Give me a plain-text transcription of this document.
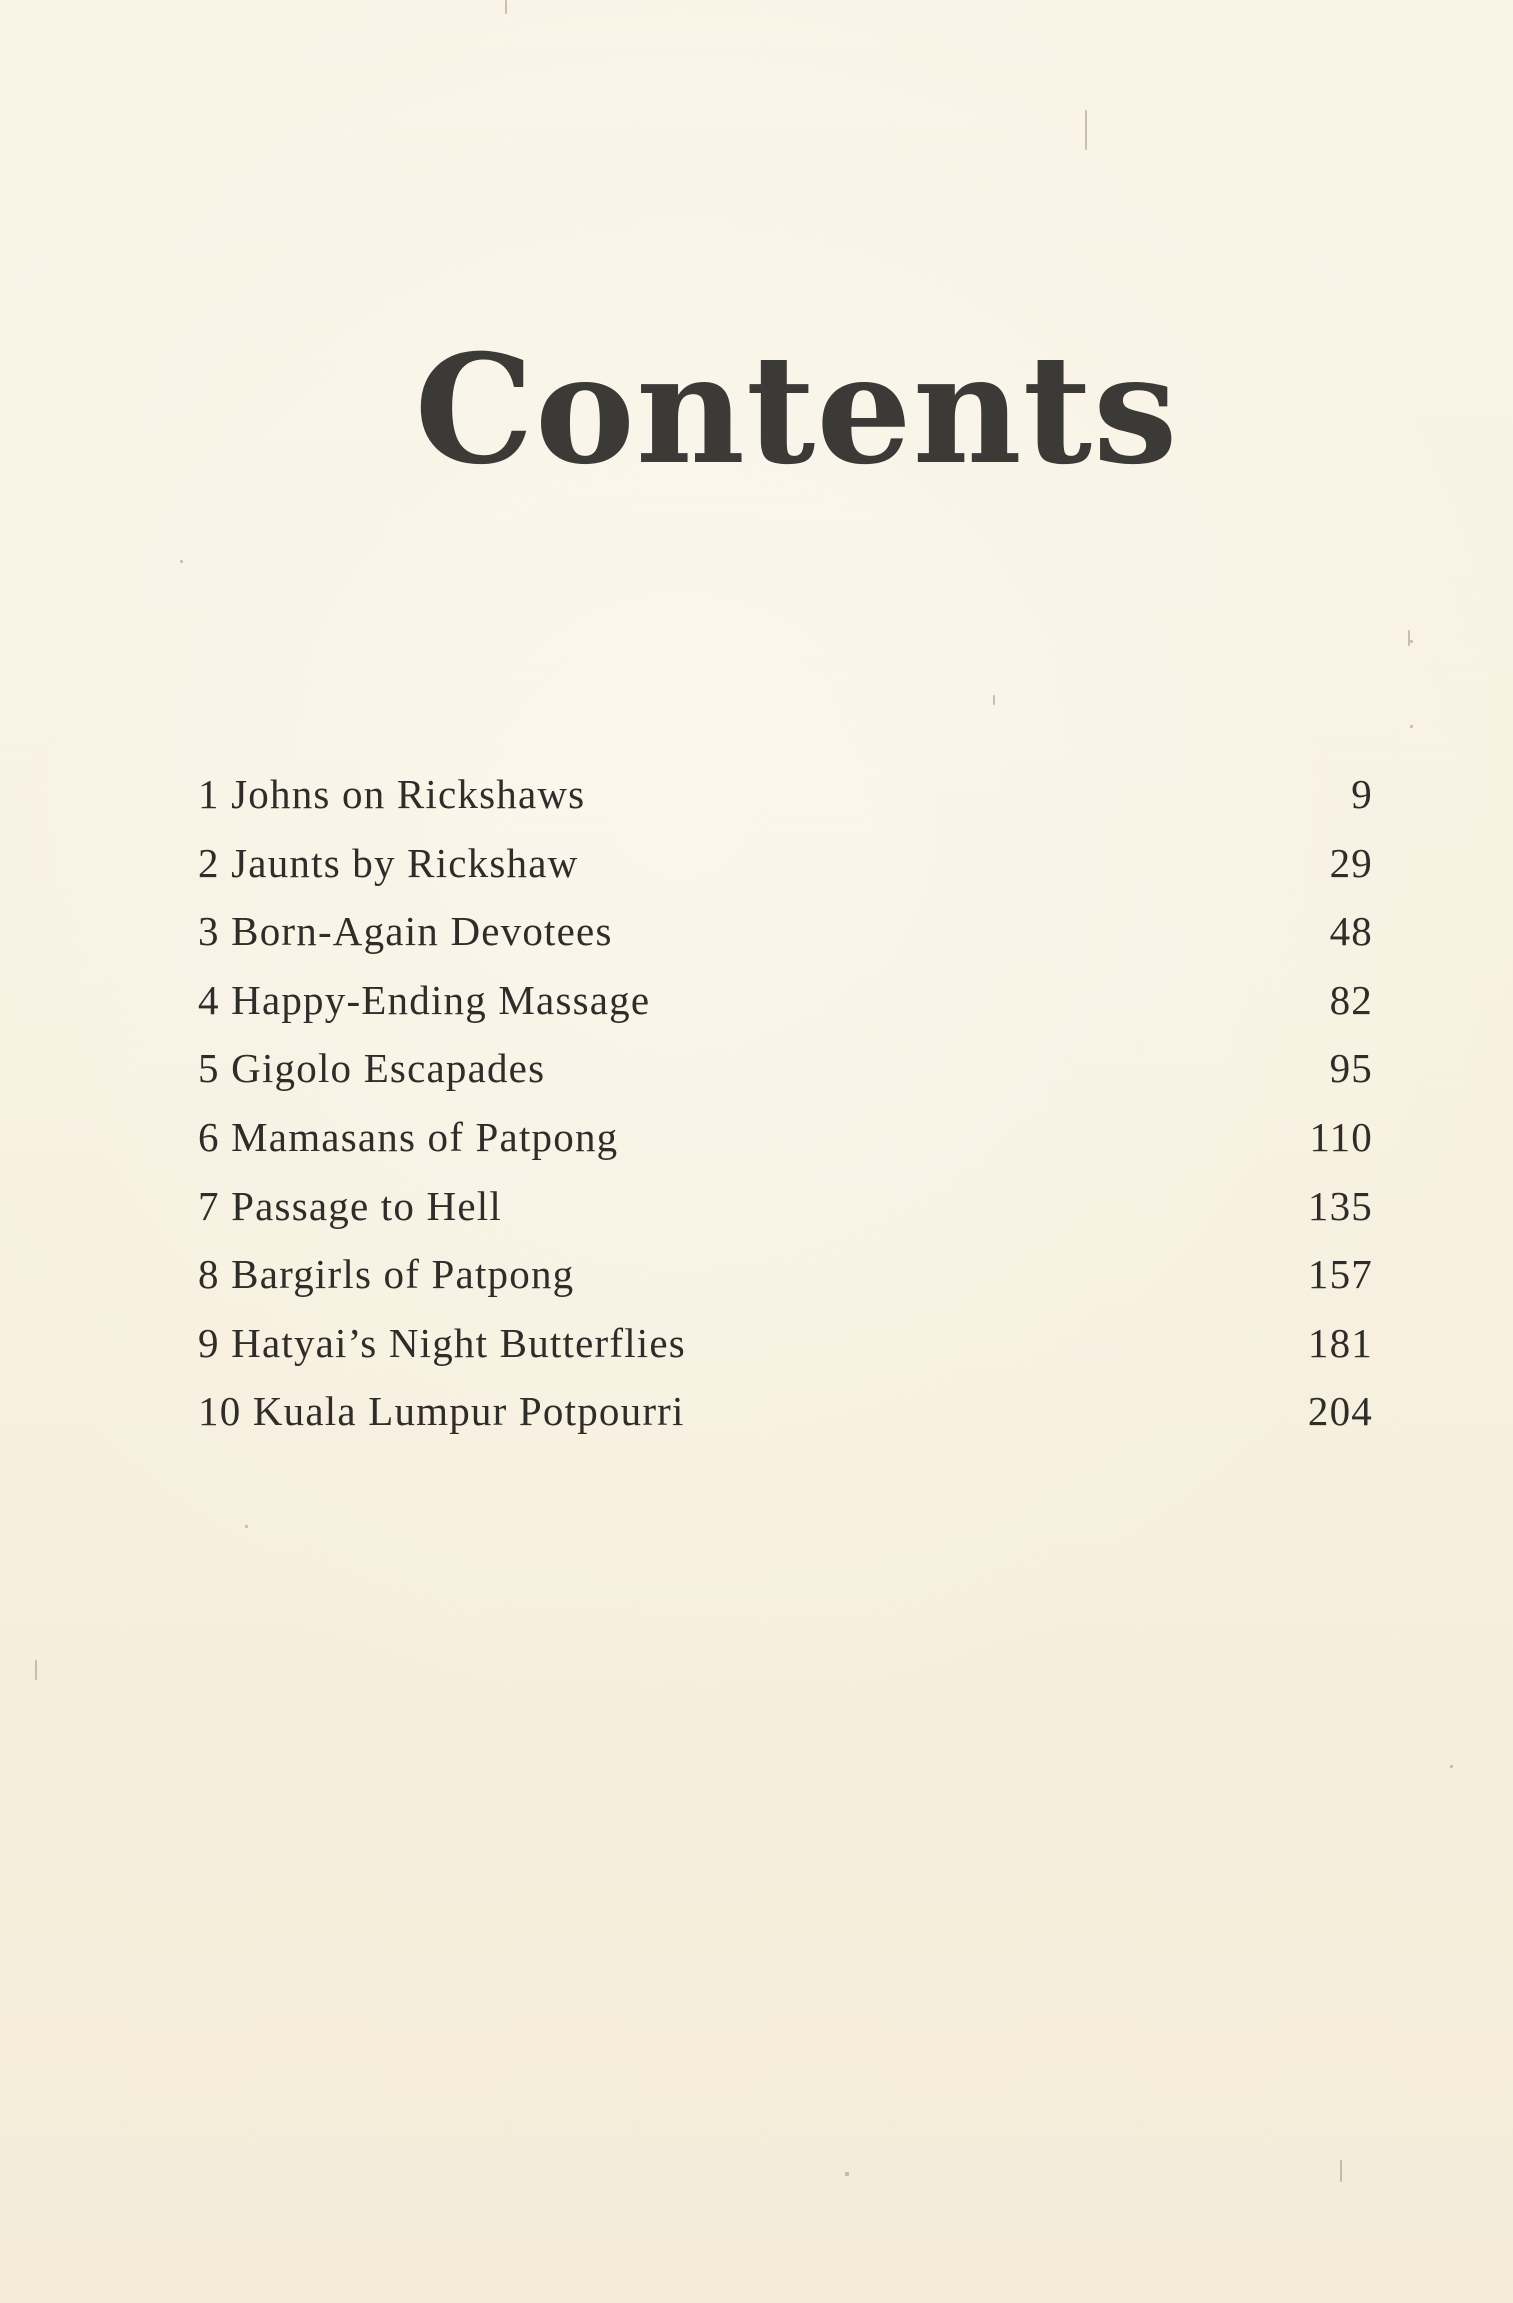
Contents
1 Johns on Rickshaws	9
2 Jaunts by Rickshaw	29
3 Born-Again Devotees	48
4 Happy-Ending Massage	82
5 Gigolo Escapades	95
6 Mamasans of Patpong	110
7 Passage to Hell	135
8 Bargirls of Patpong	157
9 Hatyai’s Night Butterflies	181
10 Kuala Lumpur Potpourri	204
